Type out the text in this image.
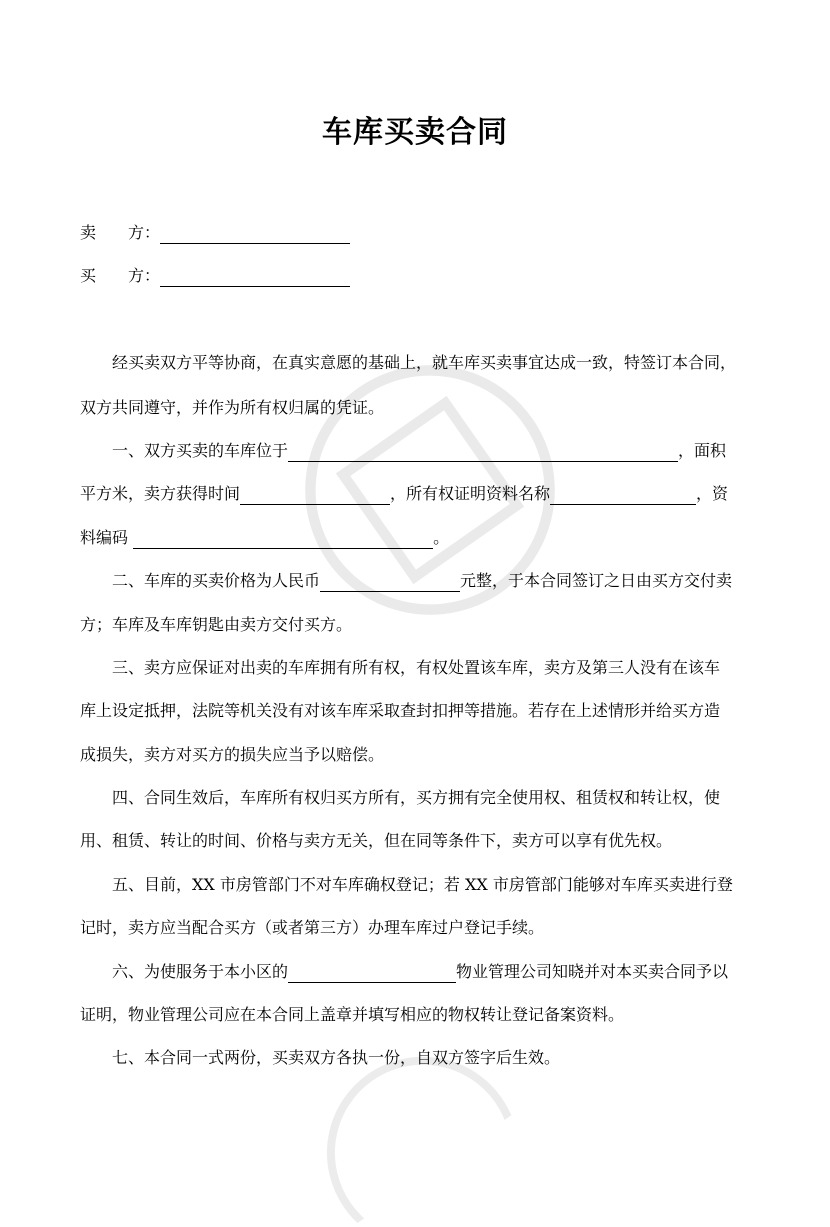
车库买卖合同
卖　　方：
买　　方：
经买卖双方平等协商，在真实意愿的基础上，就车库买卖事宜达成一致，特签订本合同，
双方共同遵守，并作为所有权归属的凭证。
一、双方买卖的车库位于	，面积
平方米，卖方获得时间	，所有权证明资料名称	，资
料编码	。
二、车库的买卖价格为人民币	元整，于本合同签订之日由买方交付卖
方；车库及车库钥匙由卖方交付买方。
三、卖方应保证对出卖的车库拥有所有权，有权处置该车库，卖方及第三人没有在该车
库上设定抵押，法院等机关没有对该车库采取查封扣押等措施。若存在上述情形并给买方造
成损失，卖方对买方的损失应当予以赔偿。
四、合同生效后，车库所有权归买方所有，买方拥有完全使用权、租赁权和转让权，使
用、租赁、转让的时间、价格与卖方无关，但在同等条件下，卖方可以享有优先权。
五、目前，XX 市房管部门不对车库确权登记；若 XX 市房管部门能够对车库买卖进行登
记时，卖方应当配合买方（或者第三方）办理车库过户登记手续。
六、为使服务于本小区的	物业管理公司知晓并对本买卖合同予以
证明，物业管理公司应在本合同上盖章并填写相应的物权转让登记备案资料。
七、本合同一式两份，买卖双方各执一份，自双方签字后生效。
